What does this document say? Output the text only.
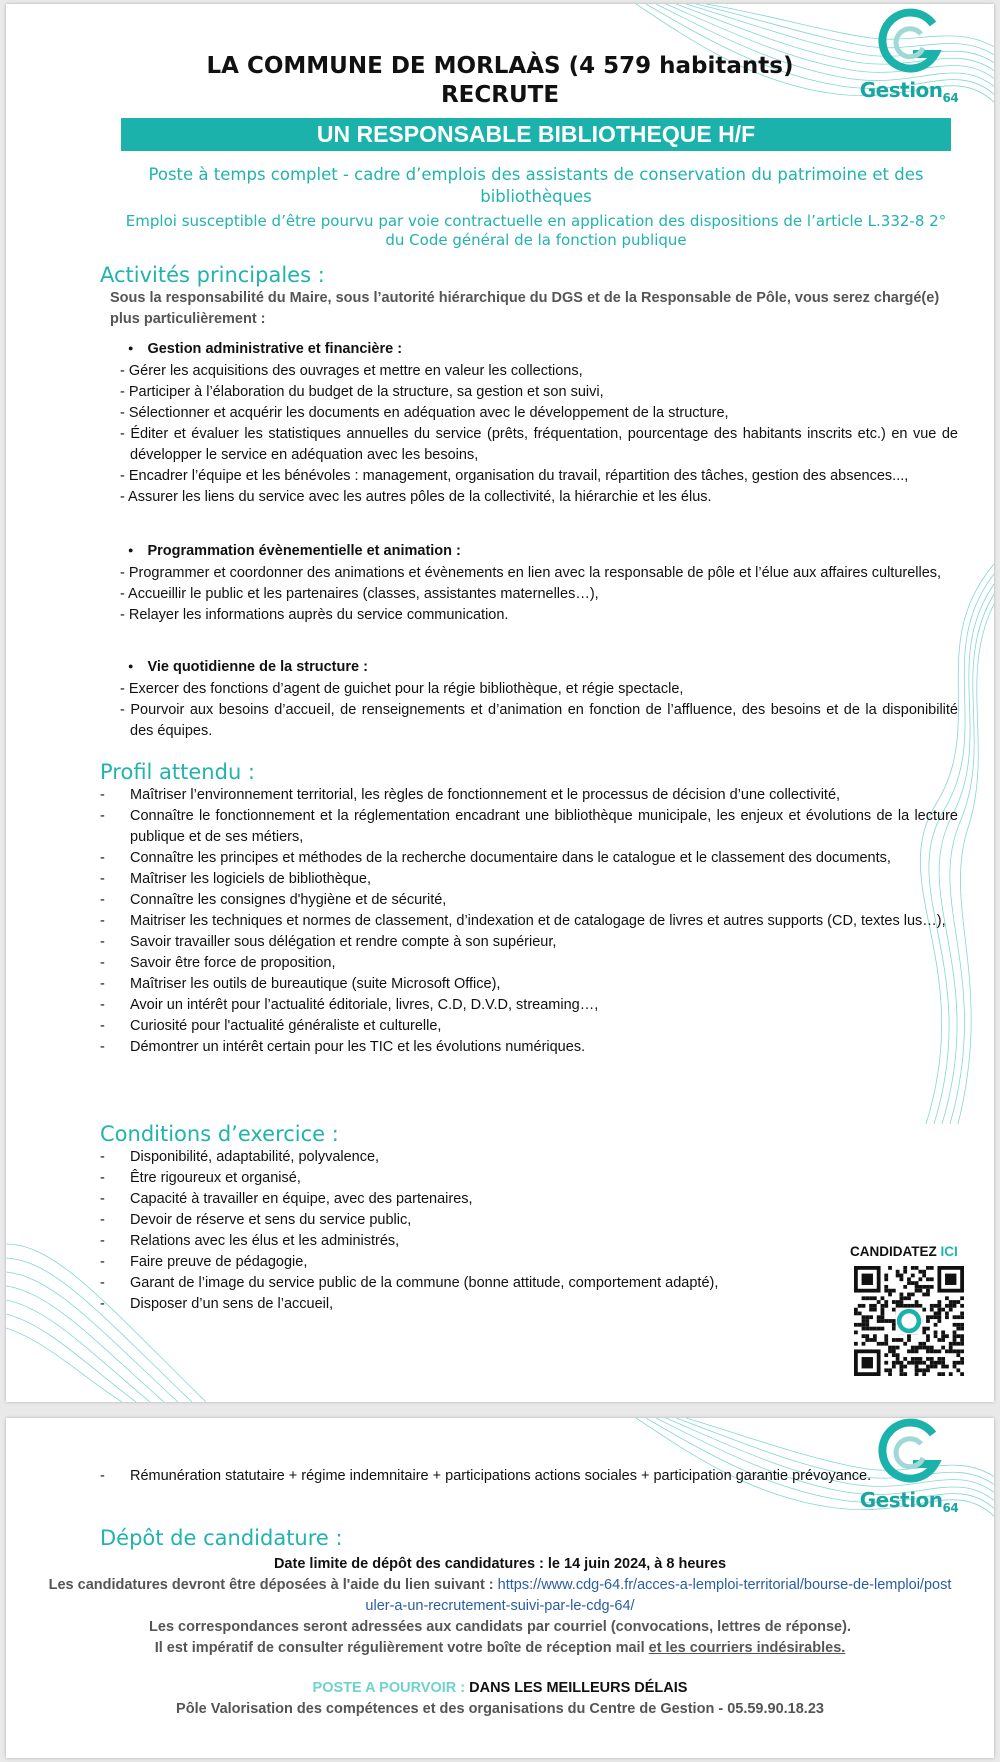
Gestion$_{64}$
LA COMMUNE DE MORLAÀS (4 579 habitants)
RECRUTE
UN RESPONSABLE BIBLIOTHEQUE H/F
Poste à temps complet - cadre d’emplois des assistants de conservation du patrimoine et des bibliothèques
Emploi susceptible d’être pourvu par voie contractuelle en application des dispositions de l’article L.332-8 2° du Code général de la fonction publique
Activités principales :
Sous la responsabilité du Maire, sous l’autorité hiérarchique du DGS et de la Responsable de Pôle, vous serez chargé(e) plus particulièrement :
● Gestion administrative et financière :

- Gérer les acquisitions des ouvrages et mettre en valeur les collections,

- Participer à l’élaboration du budget de la structure, sa gestion et son suivi,

- Sélectionner et acquérir les documents en adéquation avec le développement de la structure,

- Éditer et évaluer les statistiques annuelles du service (prêts, fréquentation, pourcentage des habitants inscrits etc.) en vue de développer le service en adéquation avec les besoins,

- Encadrer l’équipe et les bénévoles : management, organisation du travail, répartition des tâches, gestion des absences...,

- Assurer les liens du service avec les autres pôles de la collectivité, la hiérarchie et les élus.

● Programmation évènementielle et animation :

- Programmer et coordonner des animations et évènements en lien avec la responsable de pôle et l’élue aux affaires culturelles,

- Accueillir le public et les partenaires (classes, assistantes maternelles…),

- Relayer les informations auprès du service communication.

● Vie quotidienne de la structure :

- Exercer des fonctions d’agent de guichet pour la régie bibliothèque, et régie spectacle,

- Pourvoir aux besoins d’accueil, de renseignements et d’animation en fonction de l’affluence, des besoins et de la disponibilité des équipes.

Profil attendu :

- Maîtriser l’environnement territorial, les règles de fonctionnement et le processus de décision d’une collectivité,

- Connaître le fonctionnement et la réglementation encadrant une bibliothèque municipale, les enjeux et évolutions de la lecture publique et de ses métiers,

- Connaître les principes et méthodes de la recherche documentaire dans le catalogue et le classement des documents,

- Maîtriser les logiciels de bibliothèque,

- Connaître les consignes d'hygiène et de sécurité,

- Maitriser les techniques et normes de classement, d’indexation et de catalogage de livres et autres supports (CD, textes lus…),

- Savoir travailler sous délégation et rendre compte à son supérieur,

- Savoir être force de proposition,

- Maîtriser les outils de bureautique (suite Microsoft Office),

- Avoir un intérêt pour l’actualité éditoriale, livres, C.D, D.V.D, streaming…,

- Curiosité pour l'actualité généraliste et culturelle,

- Démontrer un intérêt certain pour les TIC et les évolutions numériques.

Conditions d’exercice :

- Disponibilité, adaptabilité, polyvalence,

- Être rigoureux et organisé,

- Capacité à travailler en équipe, avec des partenaires,

- Devoir de réserve et sens du service public,

- Relations avec les élus et les administrés,

- Faire preuve de pédagogie,

- Garant de l’image du service public de la commune (bonne attitude, comportement adapté),

- Disposer d’un sens de l’accueil,

CANDIDATEZ ICI
Gestion$_{64}$

- Rémunération statutaire + régime indemnitaire + participations actions sociales + participation garantie prévoyance.

Dépôt de candidature :
Date limite de dépôt des candidatures : le 14 juin 2024, à 8 heures
Les candidatures devront être déposées à l'aide du lien suivant : https://www.cdg-64.fr/acces-a-lemploi-territorial/bourse-de-lemploi/postuler-a-un-recrutement-suivi-par-le-cdg-64/
Les correspondances seront adressées aux candidats par courriel (convocations, lettres de réponse).
Il est impératif de consulter régulièrement votre boîte de réception mail et les courriers indésirables.
POSTE A POURVOIR : DANS LES MEILLEURS DÉLAIS
Pôle Valorisation des compétences et des organisations du Centre de Gestion - 05.59.90.18.23
